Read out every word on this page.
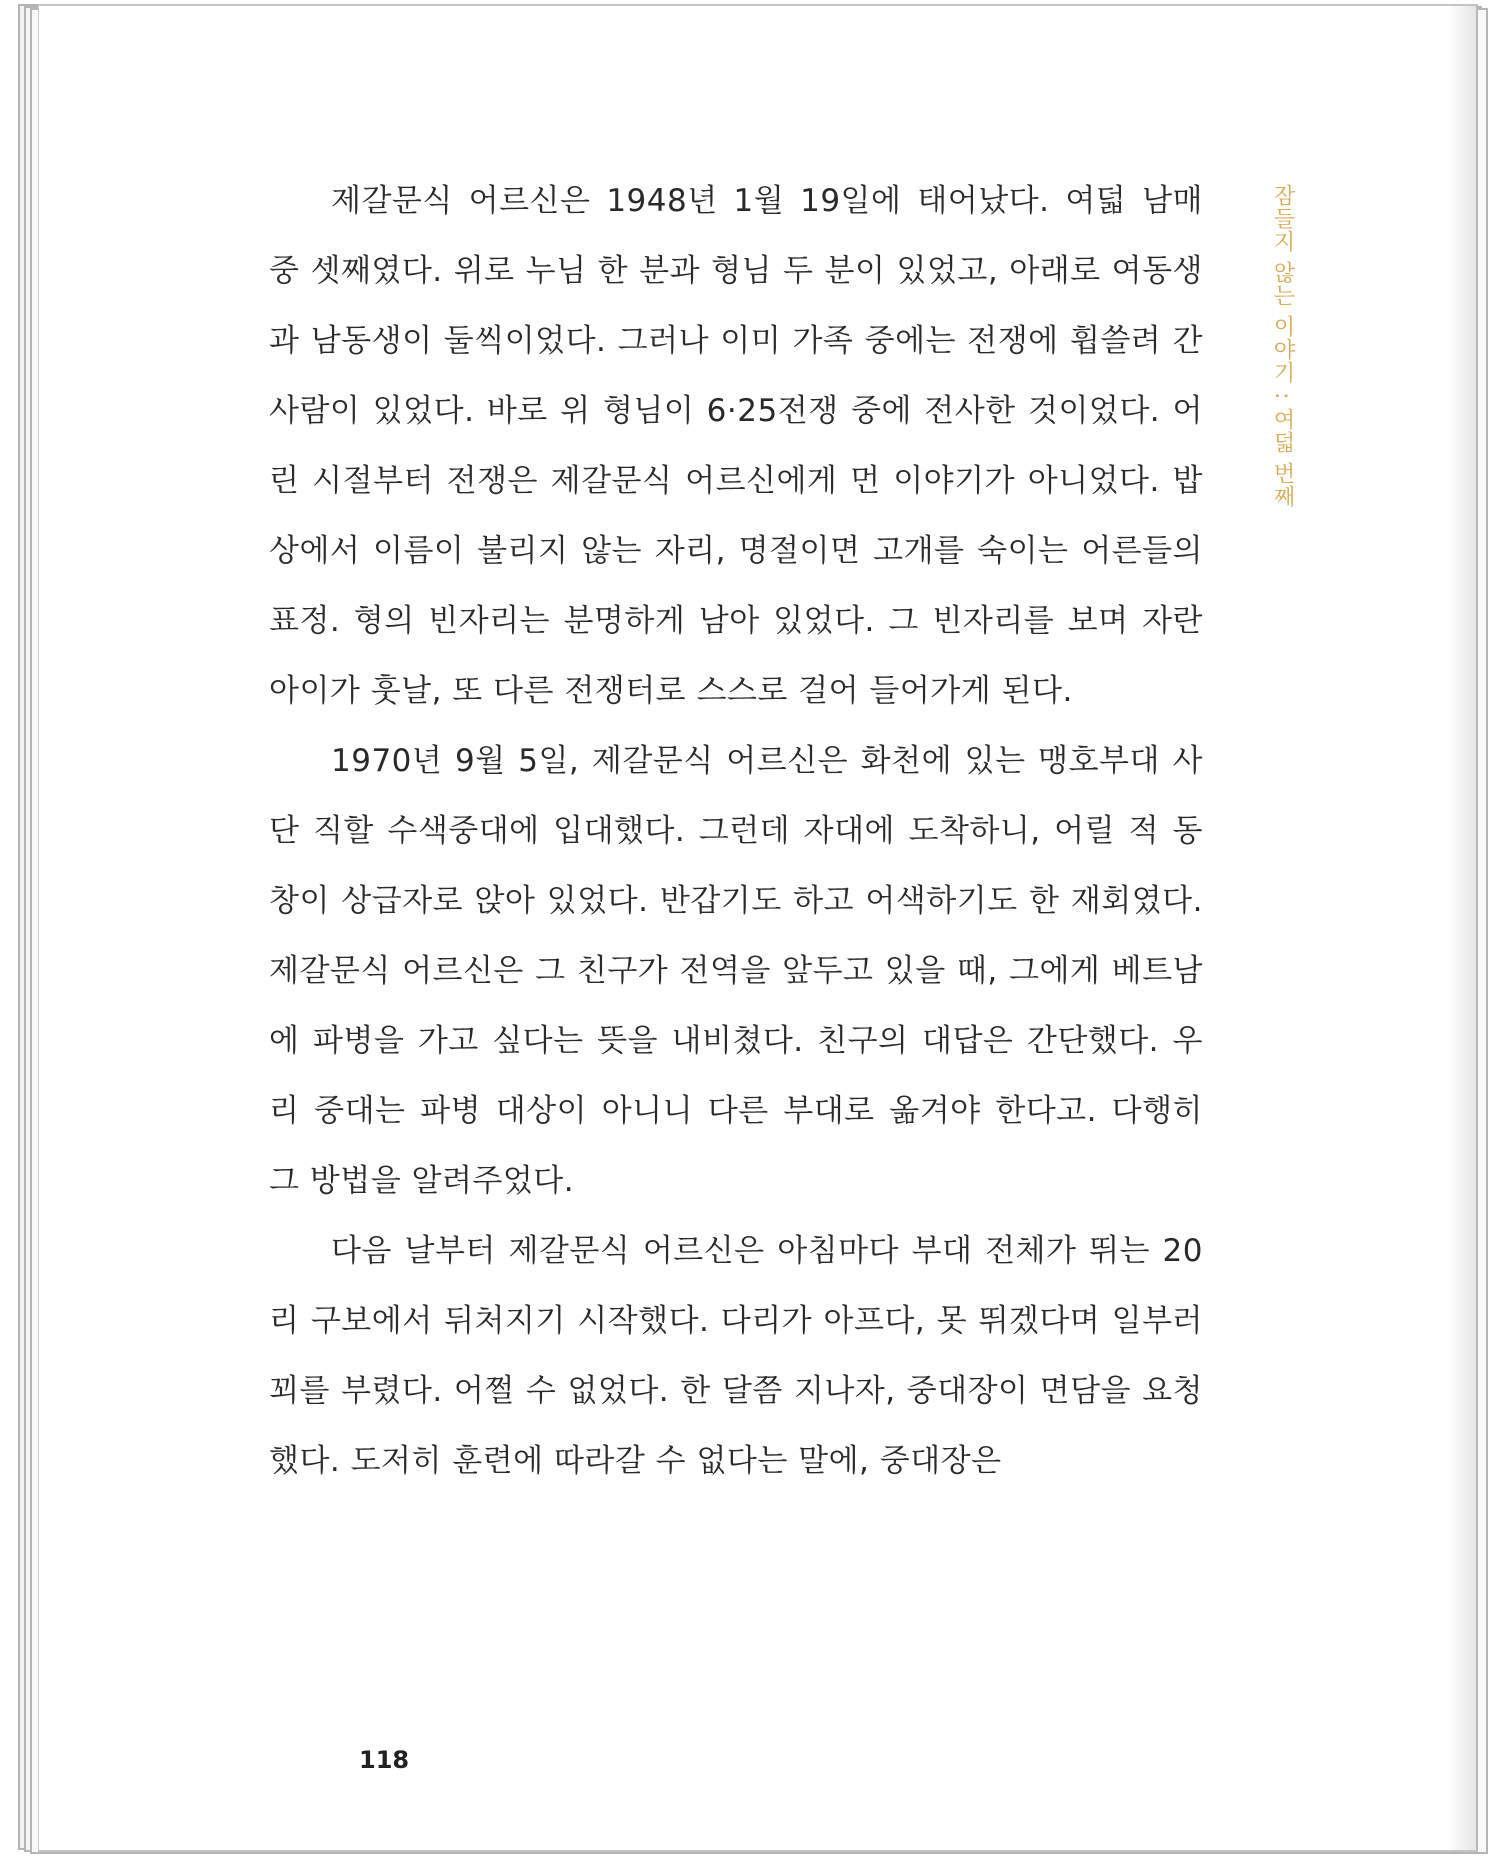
제갈문식 어르신은 1948년 1월 19일에 태어났다. 여덟 남매 중 셋째였다. 위로 누님 한 분과 형님 두 분이 있었고, 아래로 여동생과 남동생이 둘씩이었다. 그러나 이미 가족 중에는 전쟁에 휩쓸려 간 사람이 있었다. 바로 위 형님이 6·25전쟁 중에 전사한 것이었다. 어린 시절부터 전쟁은 제갈문식 어르신에게 먼 이야기가 아니었다. 밥상에서 이름이 불리지 않는 자리, 명절이면 고개를 숙이는 어른들의 표정. 형의 빈자리는 분명하게 남아 있었다. 그 빈자리를 보며 자란 아이가 훗날, 또 다른 전쟁터로 스스로 걸어 들어가게 된다.

1970년 9월 5일, 제갈문식 어르신은 화천에 있는 맹호부대 사단 직할 수색중대에 입대했다. 그런데 자대에 도착하니, 어릴 적 동창이 상급자로 앉아 있었다. 반갑기도 하고 어색하기도 한 재회였다. 제갈문식 어르신은 그 친구가 전역을 앞두고 있을 때, 그에게 베트남에 파병을 가고 싶다는 뜻을 내비쳤다. 친구의 대답은 간단했다. 우리 중대는 파병 대상이 아니니 다른 부대로 옮겨야 한다고. 다행히 그 방법을 알려주었다.

다음 날부터 제갈문식 어르신은 아침마다 부대 전체가 뛰는 20리 구보에서 뒤처지기 시작했다. 다리가 아프다, 못 뛰겠다며 일부러 꾀를 부렸다. 어쩔 수 없었다. 한 달쯤 지나자, 중대장이 면담을 요청했다. 도저히 훈련에 따라갈 수 없다는 말에, 중대장은

잠들지 않는 이야기 : 여덟 번째
118
